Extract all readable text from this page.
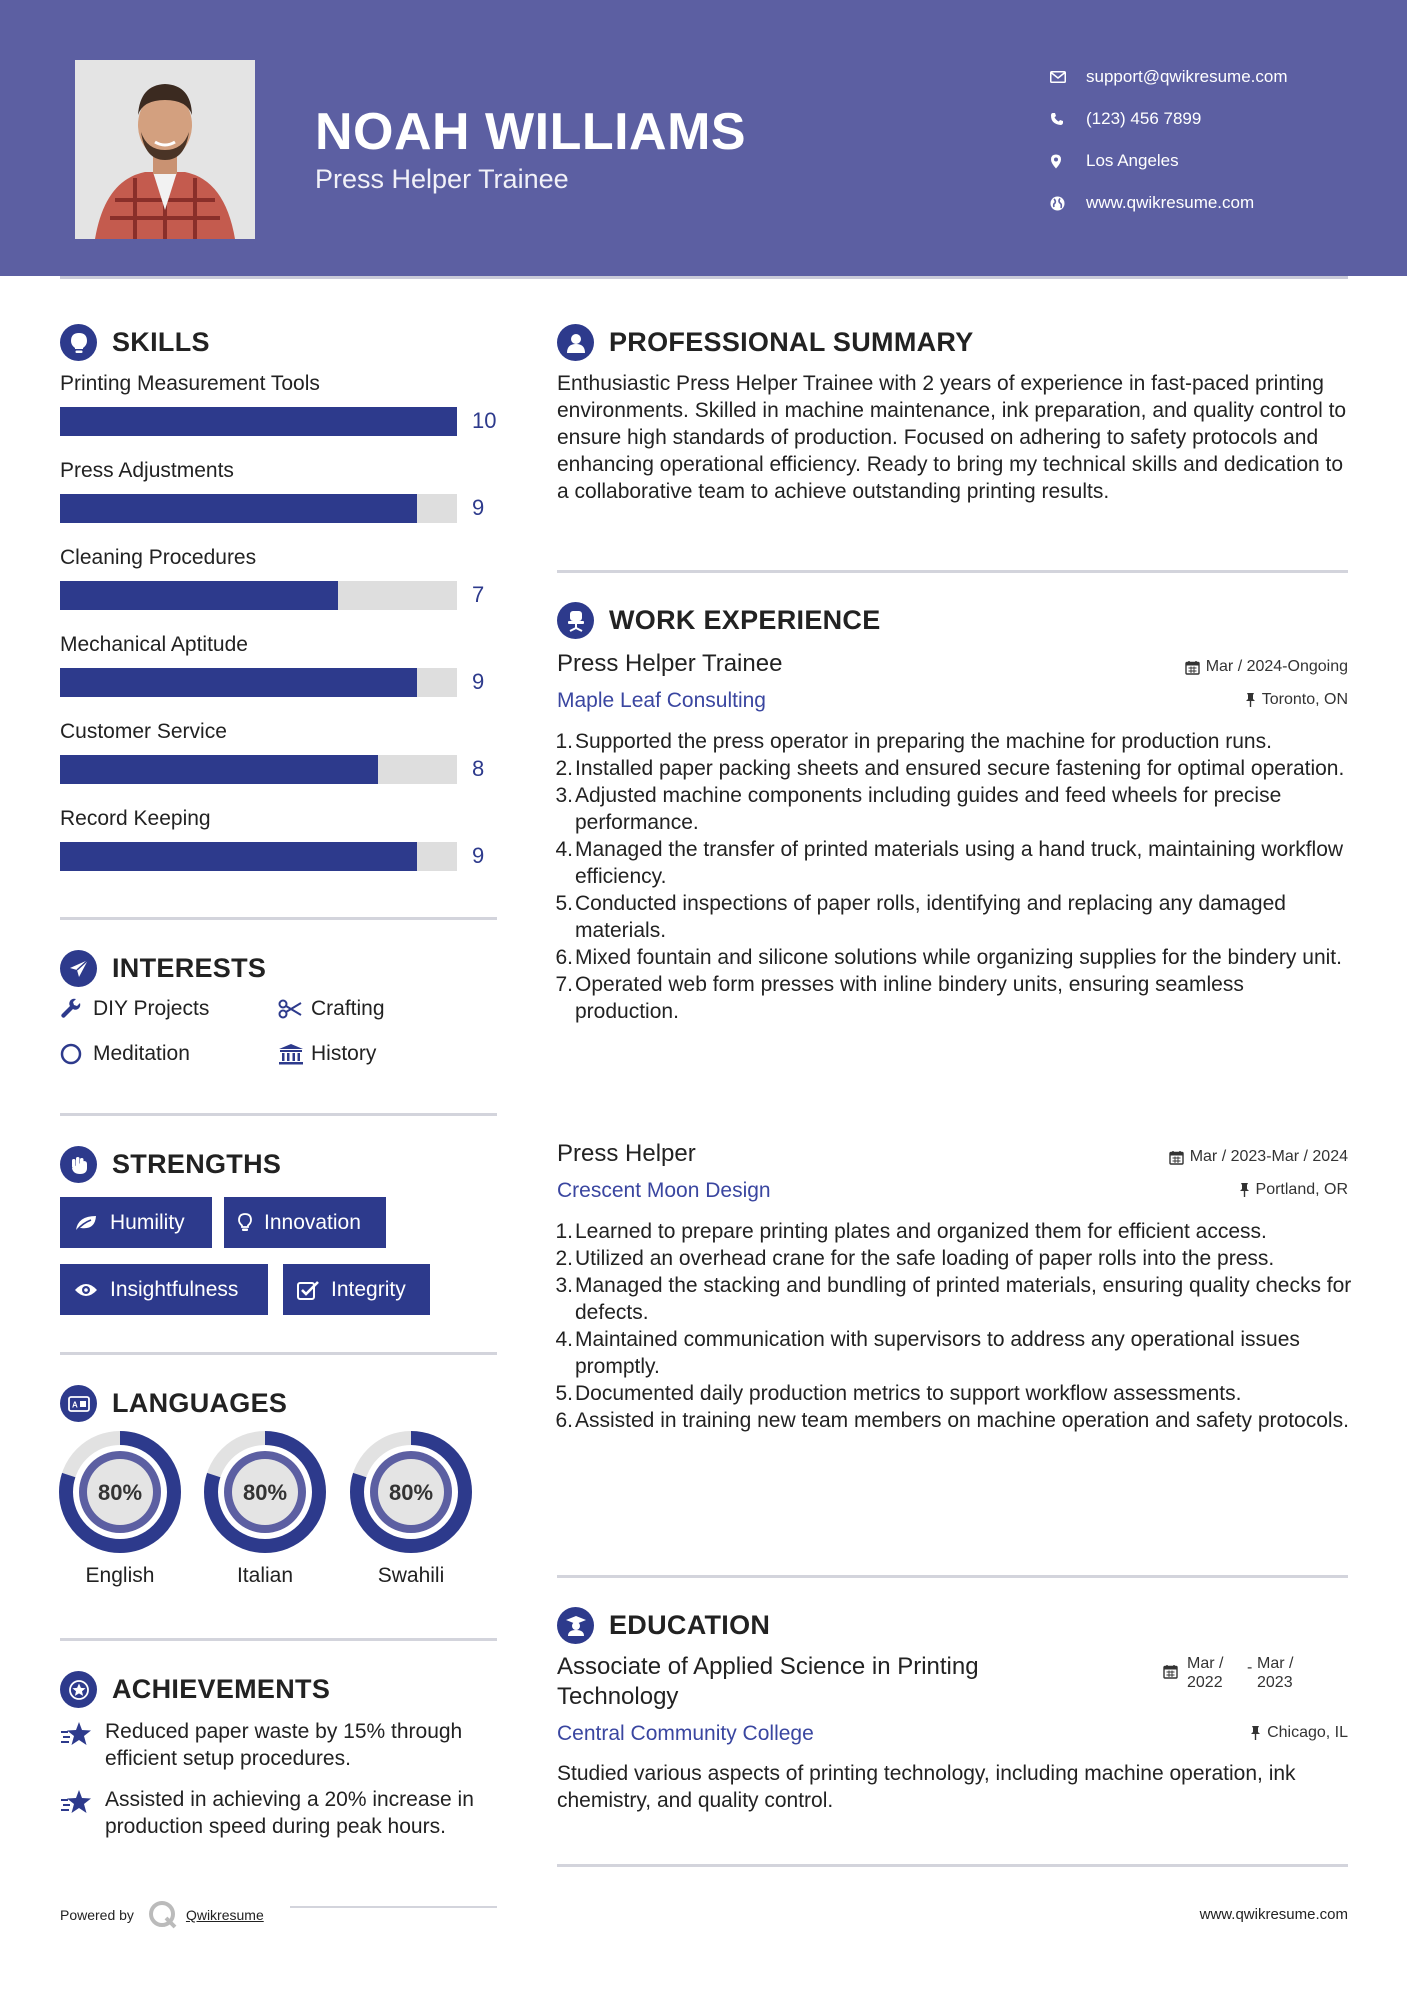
NOAH WILLIAMS
Press Helper Trainee
support@qwikresume.com
(123) 456 7899
Los Angeles
www.qwikresume.com
SKILLS
Printing Measurement Tools
10
Press Adjustments
9
Cleaning Procedures
7
Mechanical Aptitude
9
Customer Service
8
Record Keeping
9
INTERESTS
DIY Projects	Crafting
Meditation	History
STRENGTHS
Humility	Innovation
Insightfulness	Integrity
A LANGUAGES
80%
English
80%
Italian
80%
Swahili
ACHIEVEMENTS
Reduced paper waste by 15% through efficient setup procedures.
Assisted in achieving a 20% increase in production speed during peak hours.
PROFESSIONAL SUMMARY
Enthusiastic Press Helper Trainee with 2 years of experience in fast-paced printing environments. Skilled in machine maintenance, ink preparation, and quality control to ensure high standards of production. Focused on adhering to safety protocols and enhancing operational efficiency. Ready to bring my technical skills and dedication to a collaborative team to achieve outstanding printing results.
WORK EXPERIENCE
Press Helper Trainee	Mar / 2024-Ongoing
Maple Leaf Consulting	Toronto, ON
1. Supported the press operator in preparing the machine for production runs.
2. Installed paper packing sheets and ensured secure fastening for optimal operation.
3. Adjusted machine components including guides and feed wheels for precise performance.
4. Managed the transfer of printed materials using a hand truck, maintaining workflow efficiency.
5. Conducted inspections of paper rolls, identifying and replacing any damaged materials.
6. Mixed fountain and silicone solutions while organizing supplies for the bindery unit.
7. Operated web form presses with inline bindery units, ensuring seamless production.
Press Helper	Mar / 2023-Mar / 2024
Crescent Moon Design	Portland, OR
1. Learned to prepare printing plates and organized them for efficient access.
2. Utilized an overhead crane for the safe loading of paper rolls into the press.
3. Managed the stacking and bundling of printed materials, ensuring quality checks for defects.
4. Maintained communication with supervisors to address any operational issues promptly.
5. Documented daily production metrics to support workflow assessments.
6. Assisted in training new team members on machine operation and safety protocols.
EDUCATION
Associate of Applied Science in Printing Technology
Mar / 2022
- Mar / 2023
Central Community College	Chicago, IL
Studied various aspects of printing technology, including machine operation, ink chemistry, and quality control.
Powered by	Qwikresume	www.qwikresume.com
